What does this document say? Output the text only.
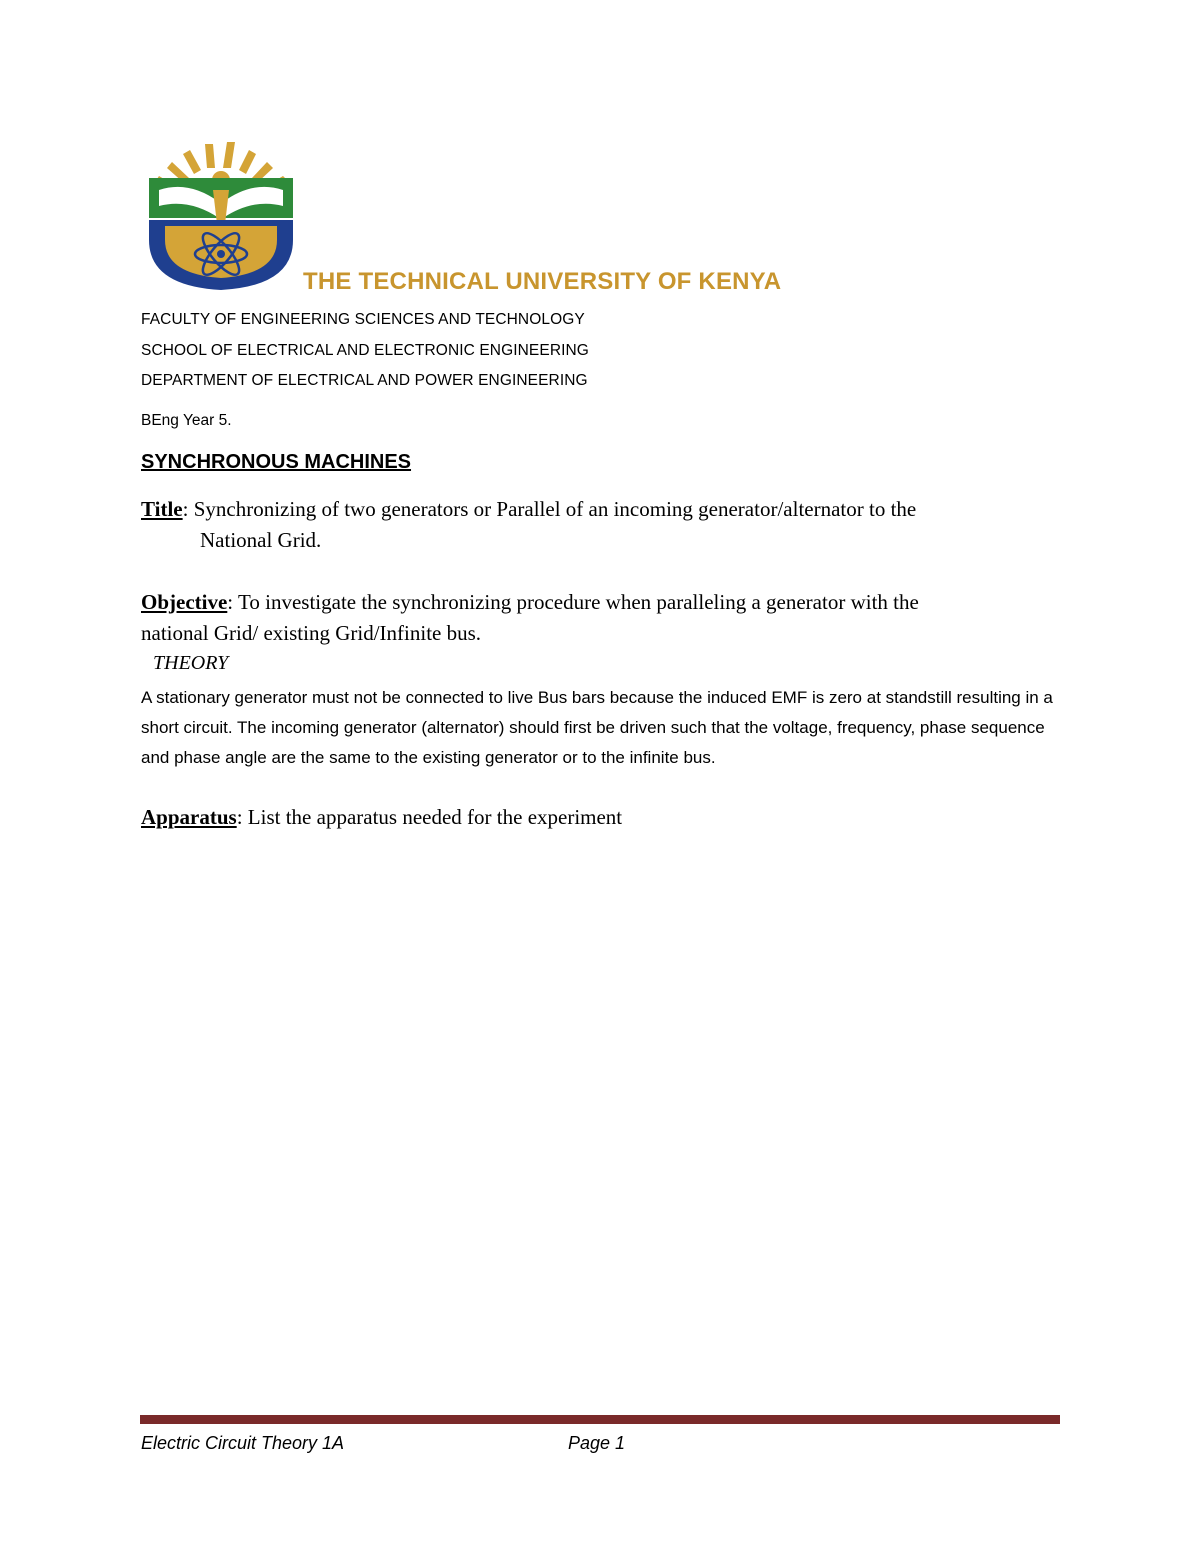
THE TECHNICAL UNIVERSITY OF KENYA
FACULTY OF ENGINEERING SCIENCES AND TECHNOLOGY
SCHOOL OF ELECTRICAL AND ELECTRONIC ENGINEERING
DEPARTMENT OF ELECTRICAL AND POWER ENGINEERING
BEng Year 5.
SYNCHRONOUS MACHINES
Title: Synchronizing of two generators or Parallel of an incoming generator/alternator to the
National Grid.
Objective: To investigate the synchronizing procedure when paralleling a generator with the
national Grid/ existing Grid/Infinite bus.
THEORY
A stationary generator must not be connected to live Bus bars because the induced EMF is zero at standstill resulting in a short circuit. The incoming generator (alternator) should first be driven such that the voltage, frequency, phase sequence and phase angle are the same to the existing generator or to the infinite bus.
Apparatus: List the apparatus needed for the experiment
Electric Circuit Theory 1A	Page 1
